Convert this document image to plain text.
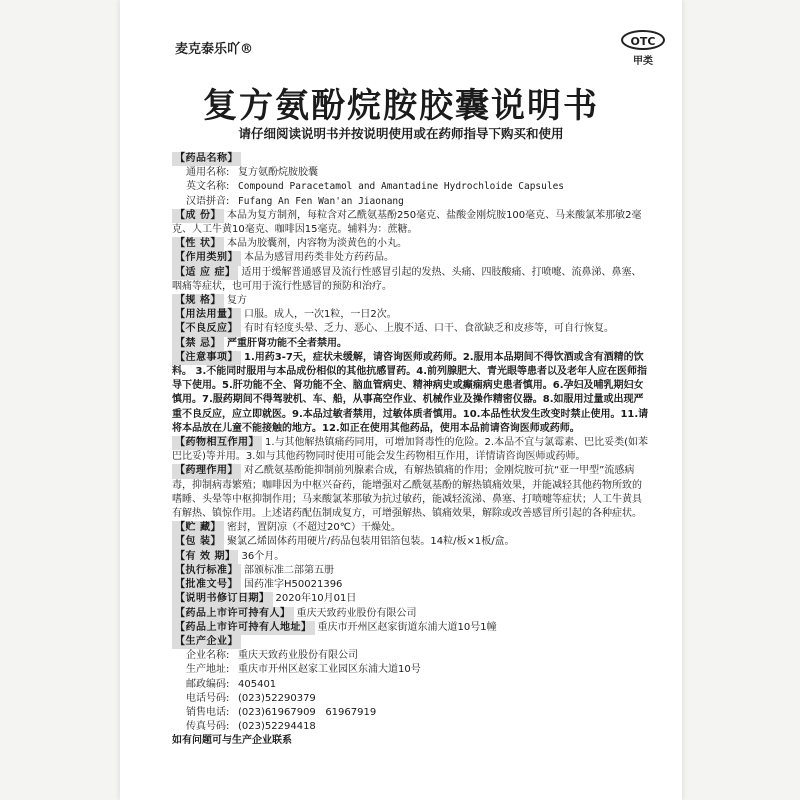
麦克泰乐吖®
OTC
甲类
复方氨酚烷胺胶囊说明书
请仔细阅读说明书并按说明使用或在药师指导下购买和使用
【药品名称】
通用名称: 复方氨酚烷胺胶囊
英文名称: Compound Paracetamol and Amantadine Hydrochloide Capsules
汉语拼音: Fufang An Fen Wan'an Jiaonang
【成 份】 本品为复方制剂，每粒含对乙酰氨基酚250毫克、盐酸金刚烷胺100毫克、马来酸氯苯那敏2毫克、人工牛黄10毫克、咖啡因15毫克。辅料为：蔗糖。
【性 状】 本品为胶囊剂，内容物为淡黄色的小丸。
【作用类别】 本品为感冒用药类非处方药药品。
【适 应 症】 适用于缓解普通感冒及流行性感冒引起的发热、头痛、四肢酸痛、打喷嚏、流鼻涕、鼻塞、咽痛等症状，也可用于流行性感冒的预防和治疗。
【规 格】 复方
【用法用量】 口服。成人，一次1粒，一日2次。
【不良反应】 有时有轻度头晕、乏力、恶心、上腹不适、口干、食欲缺乏和皮疹等，可自行恢复。
【禁 忌】 严重肝肾功能不全者禁用。
【注意事项】 1.用药3-7天，症状未缓解，请咨询医师或药师。2.服用本品期间不得饮酒或含有酒精的饮料。 3.不能同时服用与本品成份相似的其他抗感冒药。4.前列腺肥大、青光眼等患者以及老年人应在医师指导下使用。5.肝功能不全、肾功能不全、脑血管病史、精神病史或癫痫病史患者慎用。6.孕妇及哺乳期妇女慎用。7.服药期间不得驾驶机、车、船，从事高空作业、机械作业及操作精密仪器。8.如服用过量或出现严重不良反应，应立即就医。9.本品过敏者禁用，过敏体质者慎用。10.本品性状发生改变时禁止使用。11.请将本品放在儿童不能接触的地方。12.如正在使用其他药品，使用本品前请咨询医师或药师。
【药物相互作用】 1.与其他解热镇痛药同用，可增加肾毒性的危险。2.本品不宜与氯霉素、巴比妥类(如苯巴比妥)等并用。3.如与其他药物同时使用可能会发生药物相互作用，详情请咨询医师或药师。
【药理作用】 对乙酰氨基酚能抑制前列腺素合成，有解热镇痛的作用；金刚烷胺可抗“亚一甲型”流感病毒，抑制病毒繁殖；咖啡因为中枢兴奋药，能增强对乙酰氨基酚的解热镇痛效果，并能减轻其他药物所致的嗜睡、头晕等中枢抑制作用；马来酸氯苯那敏为抗过敏药，能减轻流涕、鼻塞、打喷嚏等症状；人工牛黄具有解热、镇惊作用。上述诸药配伍制成复方，可增强解热、镇痛效果，解除或改善感冒所引起的各种症状。
【贮 藏】 密封，置阴凉（不超过20℃）干燥处。
【包 装】 聚氯乙烯固体药用硬片/药品包装用铝箔包装。14粒/板×1板/盒。
【有 效 期】 36个月。
【执行标准】 部颁标准二部第五册
【批准文号】 国药准字H50021396
【说明书修订日期】 2020年10月01日
【药品上市许可持有人】 重庆天致药业股份有限公司
【药品上市许可持有人地址】 重庆市开州区赵家街道东浦大道10号1幢
【生产企业】
企业名称: 重庆天致药业股份有限公司
生产地址: 重庆市开州区赵家工业园区东浦大道10号
邮政编码: 405401
电话号码: (023)52290379
销售电话: (023)61967909   61967919
传真号码: (023)52294418
如有问题可与生产企业联系
